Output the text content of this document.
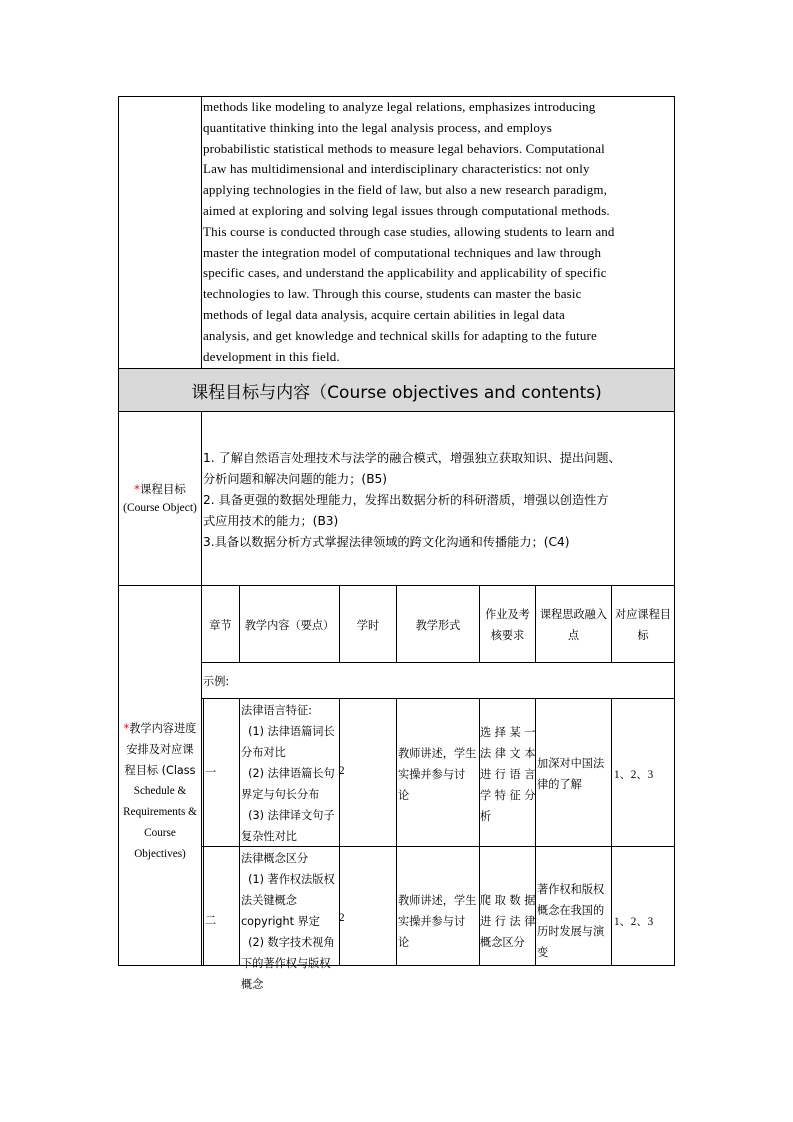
methods like modeling to analyze legal relations, emphasizes introducing
quantitative thinking into the legal analysis process, and employs
probabilistic statistical methods to measure legal behaviors. Computational
Law has multidimensional and interdisciplinary characteristics: not only
applying technologies in the field of law, but also a new research paradigm,
aimed at exploring and solving legal issues through computational methods.
This course is conducted through case studies, allowing students to learn and
master the integration model of computational techniques and law through
specific cases, and understand the applicability and applicability of specific
technologies to law. Through this course, students can master the basic
methods of legal data analysis, acquire certain abilities in legal data
analysis, and get knowledge and technical skills for adapting to the future
development in this field.
课程目标与内容（Course objectives and contents)
*课程目标
(Course Object)
1. 了解自然语言处理技术与法学的融合模式，增强独立获取知识、提出问题、
分析问题和解决问题的能力；(B5)
2. 具备更强的数据处理能力，发挥出数据分析的科研潜质，增强以创造性方
式应用技术的能力；(B3)
3.具备以数据分析方式掌握法律领域的跨文化沟通和传播能力；(C4)
*教学内容进度
安排及对应课
程目标 (Class
Schedule &
Requirements &
Course
Objectives)
章节 教学内容（要点） 学时	教学形式
作业及考
核要求
课程思政融入
点
对应课程目
标
示例:
一
法律语言特征:
(1) 法律语篇词长
分布对比
(2) 法律语篇长句
界定与句长分布
(3) 法律译文句子
复杂性对比
2
教师讲述，学生
实操并参与讨
论
选 择 某 一
法 律 文 本
进 行 语 言
学 特 征 分
析
加深对中国法
律的了解
1、2、3
二
法律概念区分
(1) 著作权法版权
法关键概念
copyright 界定
(2) 数字技术视角
下的著作权与版权
概念
2
教师讲述，学生
实操并参与讨
论
爬 取 数 据
进 行 法 律
概念区分
著作权和版权
概念在我国的
历时发展与演
变
1、2、3
